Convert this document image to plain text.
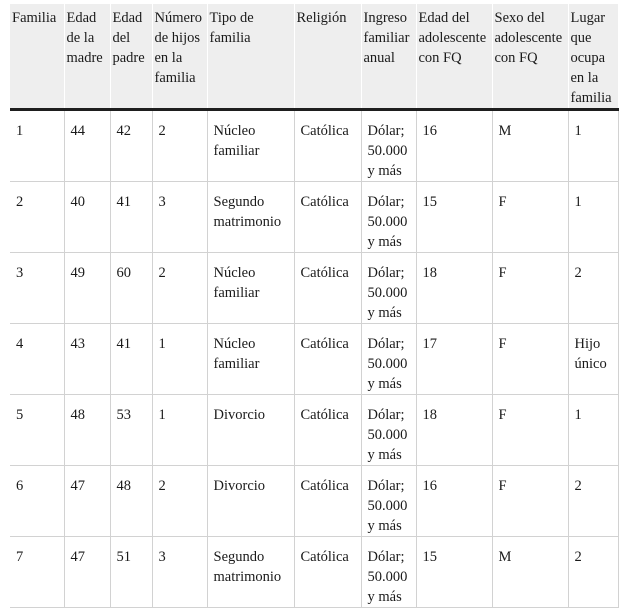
Familia	Edad de la madre	Edad del padre	Número de hijos en la familia	Tipo de familia	Religión	Ingreso familiar anual	Edad del adolescente con FQ	Sexo del adolescente con FQ	Lugar que ocupa en la familia
1	44	42	2	Núcleo familiar	Católica	Dólar; 50.000 y más	16	M	1
2	40	41	3	Segundo matrimonio	Católica	Dólar; 50.000 y más	15	F	1
3	49	60	2	Núcleo familiar	Católica	Dólar; 50.000 y más	18	F	2
4	43	41	1	Núcleo familiar	Católica	Dólar; 50.000 y más	17	F	Hijo único
5	48	53	1	Divorcio	Católica	Dólar; 50.000 y más	18	F	1
6	47	48	2	Divorcio	Católica	Dólar; 50.000 y más	16	F	2
7	47	51	3	Segundo matrimonio	Católica	Dólar; 50.000 y más	15	M	2
